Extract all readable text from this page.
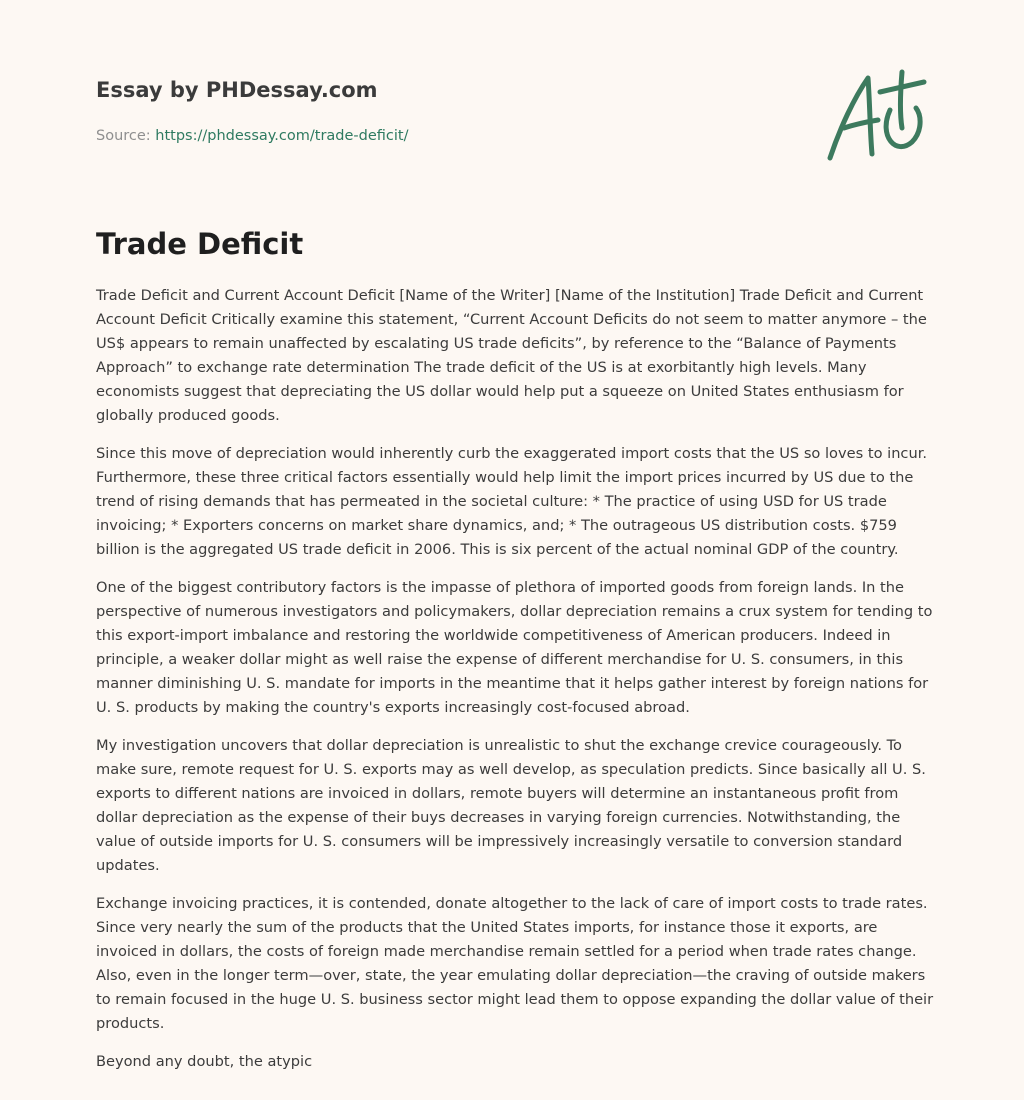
Essay by PHDessay.com
Source: https://phdessay.com/trade-deficit/
Trade Deficit

Trade Deficit and Current Account Deficit [Name of the Writer] [Name of the Institution] Trade Deficit and Current Account Deficit Critically examine this statement, “Current Account Deficits do not seem to matter anymore – the US$ appears to remain unaffected by escalating US trade deficits”, by reference to the “Balance of Payments Approach” to exchange rate determination The trade deficit of the US is at exorbitantly high levels. Many economists suggest that depreciating the US dollar would help put a squeeze on United States enthusiasm for globally produced goods.

Since this move of depreciation would inherently curb the exaggerated import costs that the US so loves to incur. Furthermore, these three critical factors essentially would help limit the import prices incurred by US due to the trend of rising demands that has permeated in the societal culture: * The practice of using USD for US trade invoicing; * Exporters concerns on market share dynamics, and; * The outrageous US distribution costs. $759 billion is the aggregated US trade deficit in 2006. This is six percent of the actual nominal GDP of the country.

One of the biggest contributory factors is the impasse of plethora of imported goods from foreign lands. In the perspective of numerous investigators and policymakers, dollar depreciation remains a crux system for tending to this export-import imbalance and restoring the worldwide competitiveness of American producers. Indeed in principle, a weaker dollar might as well raise the expense of different merchandise for U. S. consumers, in this manner diminishing U. S. mandate for imports in the meantime that it helps gather interest by foreign nations for U. S. products by making the country's exports increasingly cost-focused abroad.

My investigation uncovers that dollar depreciation is unrealistic to shut the exchange crevice courageously. To make sure, remote request for U. S. exports may as well develop, as speculation predicts. Since basically all U. S. exports to different nations are invoiced in dollars, remote buyers will determine an instantaneous profit from dollar depreciation as the expense of their buys decreases in varying foreign currencies. Notwithstanding, the value of outside imports for U. S. consumers will be impressively increasingly versatile to conversion standard updates.

Exchange invoicing practices, it is contended, donate altogether to the lack of care of import costs to trade rates. Since very nearly the sum of the products that the United States imports, for instance those it exports, are invoiced in dollars, the costs of foreign made merchandise remain settled for a period when trade rates change. Also, even in the longer term—over, state, the year emulating dollar depreciation—the craving of outside makers to remain focused in the huge U. S. business sector might lead them to oppose expanding the dollar value of their products.

Beyond any doubt, the atypic
